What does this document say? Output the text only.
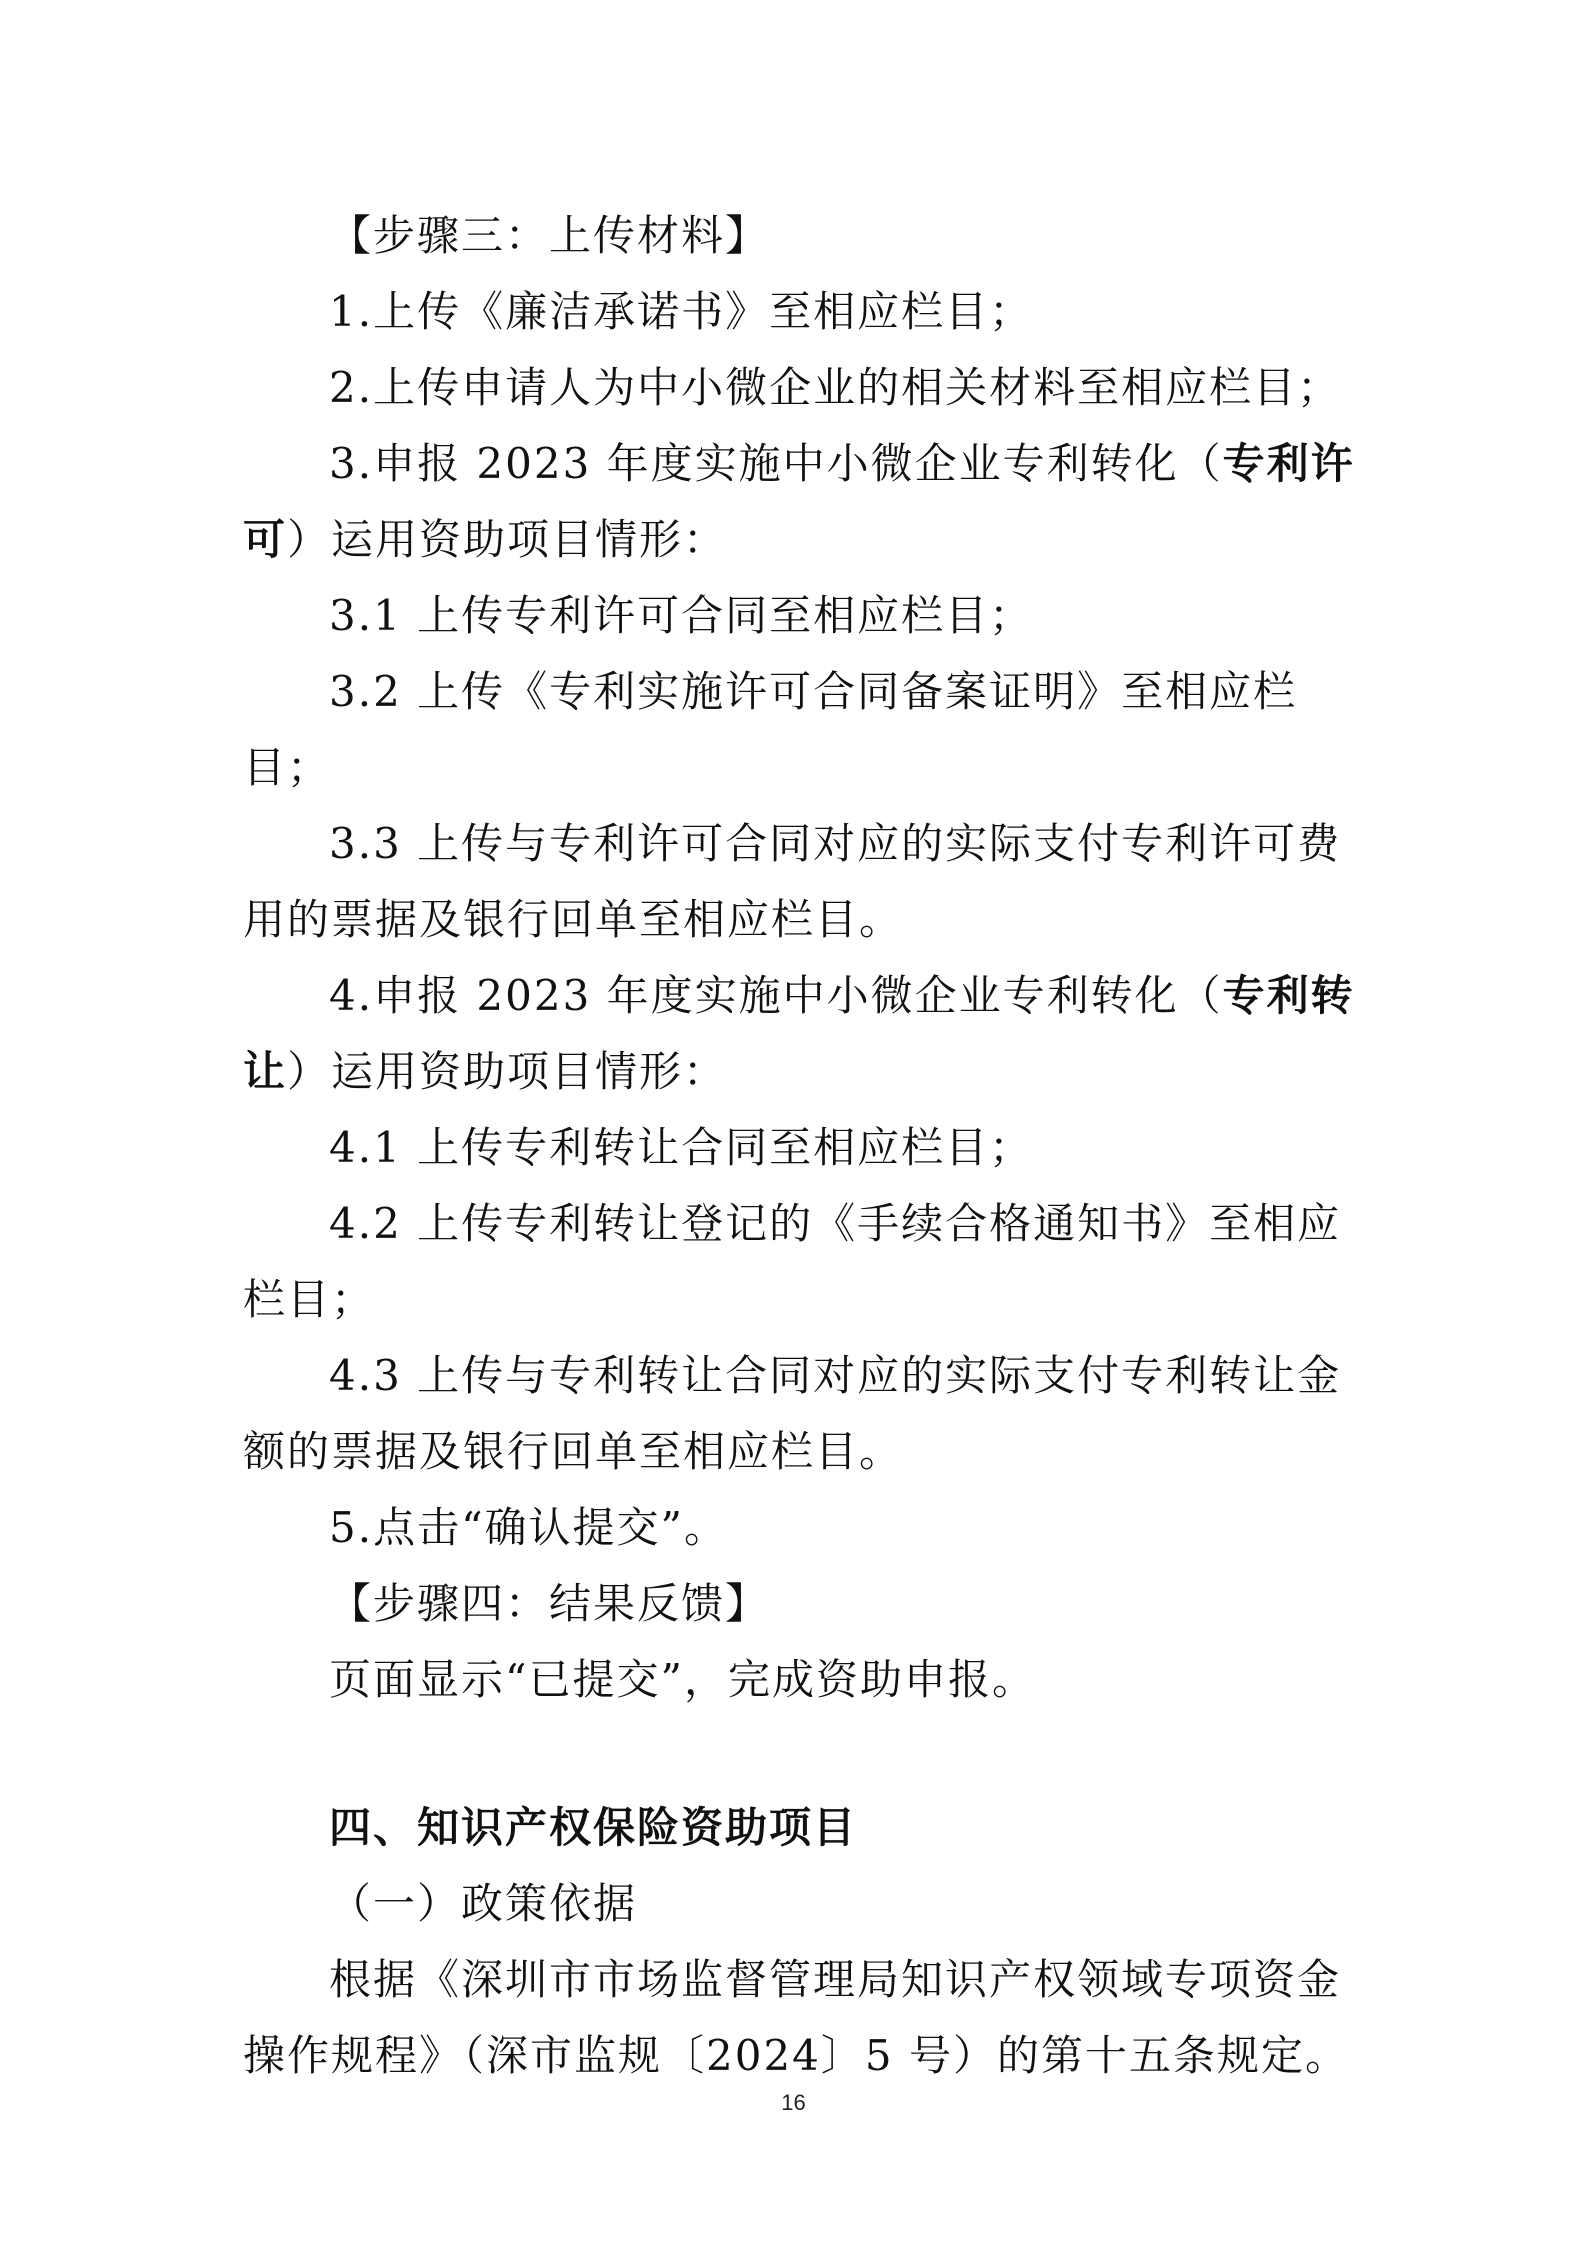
【步骤三：上传材料】

1.上传《廉洁承诺书》至相应栏目；

2.上传申请人为中小微企业的相关材料至相应栏目；

3.申报 2023 年度实施中小微企业专利转化（专利许可）运用资助项目情形：

3.1 上传专利许可合同至相应栏目；

3.2 上传《专利实施许可合同备案证明》至相应栏目；

3.3 上传与专利许可合同对应的实际支付专利许可费用的票据及银行回单至相应栏目。

4.申报 2023 年度实施中小微企业专利转化（专利转让）运用资助项目情形：

4.1 上传专利转让合同至相应栏目；

4.2 上传专利转让登记的《手续合格通知书》至相应栏目；

4.3 上传与专利转让合同对应的实际支付专利转让金额的票据及银行回单至相应栏目。

5.点击“确认提交”。

【步骤四：结果反馈】

页面显示“已提交”，完成资助申报。

四、知识产权保险资助项目

（一）政策依据

根据《深圳市市场监督管理局知识产权领域专项资金操作规程》（深市监规〔2024〕5 号）的第十五条规定。

16
